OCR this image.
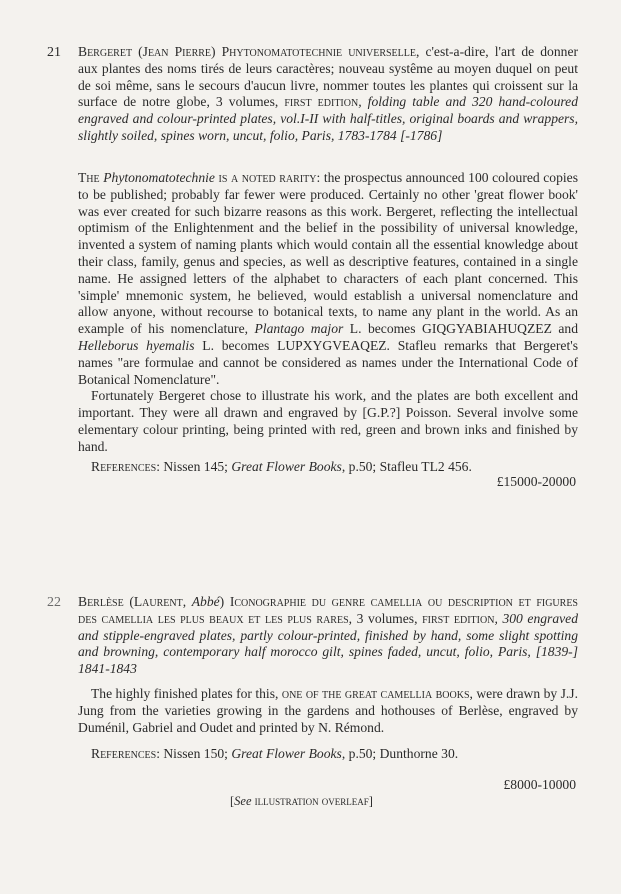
21 Bergeret (Jean Pierre) Phytonomatotechnie universelle, c'est-a-dire, l'art de donner aux plantes des noms tirés de leurs caractères; nouveau systême au moyen duquel on peut de soi même, sans le secours d'aucun livre, nommer toutes les plantes qui croissent sur la surface de notre globe, 3 volumes, first edition, folding table and 320 hand-coloured engraved and colour-printed plates, vol.I-II with half-titles, original boards and wrappers, slightly soiled, spines worn, uncut, folio, Paris, 1783-1784 [-1786]

The Phytonomatotechnie is a noted rarity: the prospectus announced 100 coloured copies to be published; probably far fewer were produced. Certainly no other 'great flower book' was ever created for such bizarre reasons as this work. Bergeret, reflecting the intellectual optimism of the Enlightenment and the belief in the possibility of universal knowledge, invented a system of naming plants which would contain all the essential knowledge about their class, family, genus and species, as well as descriptive features, contained in a single name. He assigned letters of the alphabet to characters of each plant concerned. This 'simple' mnemonic system, he believed, would establish a universal nomenclature and allow anyone, without recourse to botanical texts, to name any plant in the world. As an example of his nomenclature, Plantago major L. becomes GIQGYABIAHUQZEZ and Helleborus hyemalis L. becomes LUPXYGVEAQEZ. Stafleu remarks that Bergeret's names "are formulae and cannot be considered as names under the International Code of Botanical Nomenclature".

Fortunately Bergeret chose to illustrate his work, and the plates are both excellent and important. They were all drawn and engraved by [G.P.?] Poisson. Several involve some elementary colour printing, being printed with red, green and brown inks and finished by hand.

References: Nissen 145; Great Flower Books, p.50; Stafleu TL2 456.
£15000-20000
22 Berlèse (Laurent, Abbé) Iconographie du genre camellia ou description et figures des camellia les plus beaux et les plus rares, 3 volumes, first edition, 300 engraved and stipple-engraved plates, partly colour-printed, finished by hand, some slight spotting and browning, contemporary half morocco gilt, spines faded, uncut, folio, Paris, [1839-] 1841-1843

The highly finished plates for this, one of the great camellia books, were drawn by J.J. Jung from the varieties growing in the gardens and hothouses of Berlèse, engraved by Duménil, Gabriel and Oudet and printed by N. Rémond.

References: Nissen 150; Great Flower Books, p.50; Dunthorne 30.
£8000-10000
[See illustration overleaf]
